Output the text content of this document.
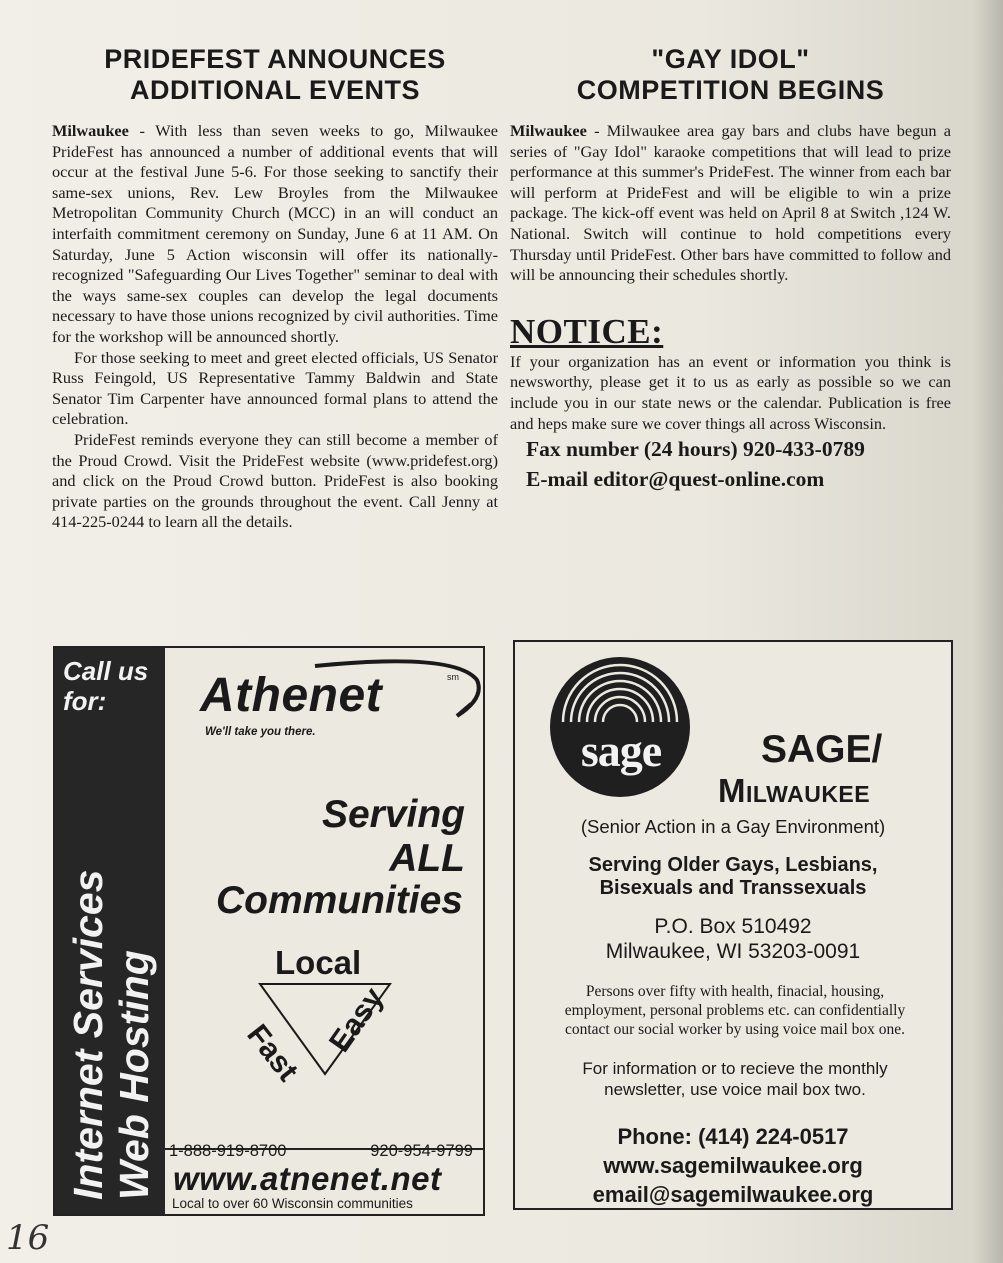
PRIDEFEST ANNOUNCES
ADDITIONAL EVENTS

Milwaukee - With less than seven weeks to go, Milwaukee PrideFest has announced a number of additional events that will occur at the festival June 5-6. For those seeking to sanctify their same-sex unions, Rev. Lew Broyles from the Milwaukee Metropolitan Community Church (MCC) in an will conduct an interfaith commitment ceremony on Sunday, June 6 at 11 AM. On Saturday, June 5 Action wisconsin will offer its nationally-recognized "Safeguarding Our Lives Together" seminar to deal with the ways same-sex couples can develop the legal documents necessary to have those unions recognized by civil authorities. Time for the workshop will be announced shortly.

For those seeking to meet and greet elected officials, US Senator Russ Feingold, US Representative Tammy Baldwin and State Senator Tim Carpenter have announced formal plans to attend the celebration.

PrideFest reminds everyone they can still become a member of the Proud Crowd. Visit the PrideFest website (www.pridefest.org) and click on the Proud Crowd button. PrideFest is also booking private parties on the grounds throughout the event. Call Jenny at 414-225-0244 to learn all the details.

"GAY IDOL"
COMPETITION BEGINS

Milwaukee - Milwaukee area gay bars and clubs have begun a series of "Gay Idol" karaoke competitions that will lead to prize performance at this summer's PrideFest. The winner from each bar will perform at PrideFest and will be eligible to win a prize package. The kick-off event was held on April 8 at Switch ,124 W. National. Switch will continue to hold competitions every Thursday until PrideFest. Other bars have committed to follow and will be announcing their schedules shortly.

NOTICE:

If your organization has an event or information you think is newsworthy, please get it to us as early as possible so we can include you in our state news or the calendar. Publication is free and heps make sure we cover things all across Wisconsin.

Fax number (24 hours) 920-433-0789
E-mail editor@quest-online.com
Call us
for:
Internet Services Web Hosting
sm
Athenet
We'll take you there.
Serving
ALL
Communities
Local
Fast Easy
1-888-919-8700	920-954-9799
www.atnenet.net
Local to over 60 Wisconsin communities
sage	SAGE/
Milwaukee
(Senior Action in a Gay Environment)
Serving Older Gays, Lesbians,
Bisexuals and Transsexuals
P.O. Box 510492
Milwaukee, WI 53203-0091
Persons over fifty with health, finacial, housing,
employment, personal problems etc. can confidentially
contact our social worker by using voice mail box one.
For information or to recieve the monthly
newsletter, use voice mail box two.
Phone: (414) 224-0517
www.sagemilwaukee.org
email@sagemilwaukee.org
16
